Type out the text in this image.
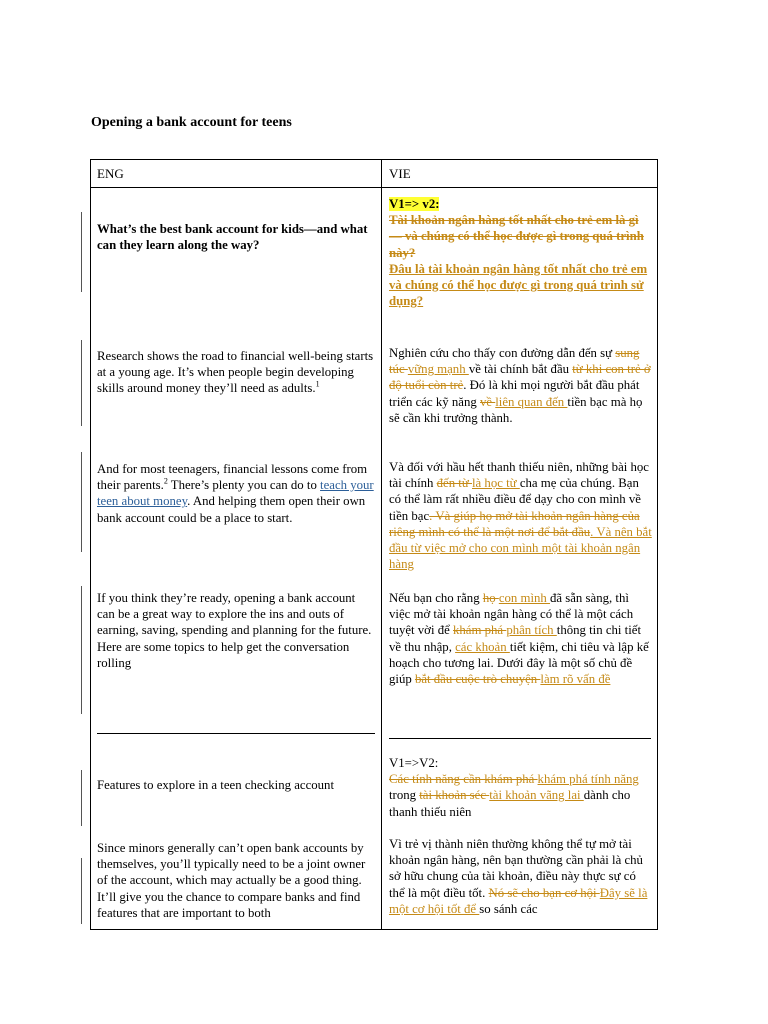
Opening a bank account for teens
ENG	VIE
What’s the best bank account for kids—and what can they learn along the way?
V1=> v2:
Tài khoản ngân hàng tốt nhất cho trẻ em là gì — và chúng có thể học được gì trong quá trình này?
Đâu là tài khoản ngân hàng tốt nhất cho trẻ em và chúng có thể học được gì trong quá trình sử dụng?
Research shows the road to financial well-being starts at a young age. It’s when people begin developing skills around money they’ll need as adults.$^1$
Nghiên cứu cho thấy con đường dẫn đến sự sung túc vững mạnh về tài chính bắt đầu từ khi con trẻ ở độ tuổi còn trẻ. Đó là khi mọi người bắt đầu phát triển các kỹ năng về liên quan đến tiền bạc mà họ sẽ cần khi trưởng thành.
And for most teenagers, financial lessons come from their parents.$^2$ There’s plenty you can do to teach your teen about money. And helping them open their own bank account could be a place to start.
Và đối với hầu hết thanh thiếu niên, những bài học tài chính đến từ là học từ cha mẹ của chúng. Bạn có thể làm rất nhiều điều để dạy cho con mình về tiền bạc. Và giúp họ mở tài khoản ngân hàng của riêng mình có thể là một nơi để bắt đầu. Và nên bắt đầu từ việc mở cho con mình một tài khoản ngân hàng
If you think they’re ready, opening a bank account can be a great way to explore the ins and outs of earning, saving, spending and planning for the future. Here are some topics to help get the conversation rolling
Nếu bạn cho rằng họ con mình đã sẵn sàng, thì việc mở tài khoản ngân hàng có thể là một cách tuyệt vời để khám phá phân tích thông tin chi tiết về thu nhập, các khoản tiết kiệm, chi tiêu và lập kế hoạch cho tương lai. Dưới đây là một số chủ đề giúp bắt đầu cuộc trò chuyện làm rõ vấn đề
Features to explore in a teen checking account
V1=>V2:
Các tính năng cần khám phá khám phá tính năng trong tài khoản séc tài khoản vãng lai dành cho thanh thiếu niên
Since minors generally can’t open bank accounts by themselves, you’ll typically need to be a joint owner of the account, which may actually be a good thing. It’ll give you the chance to compare banks and find features that are important to both
Vì trẻ vị thành niên thường không thể tự mở tài khoản ngân hàng, nên bạn thường cần phải là chủ sở hữu chung của tài khoản, điều này thực sự có thể là một điều tốt. Nó sẽ cho bạn cơ hội Đây sẽ là một cơ hội tốt để so sánh các
